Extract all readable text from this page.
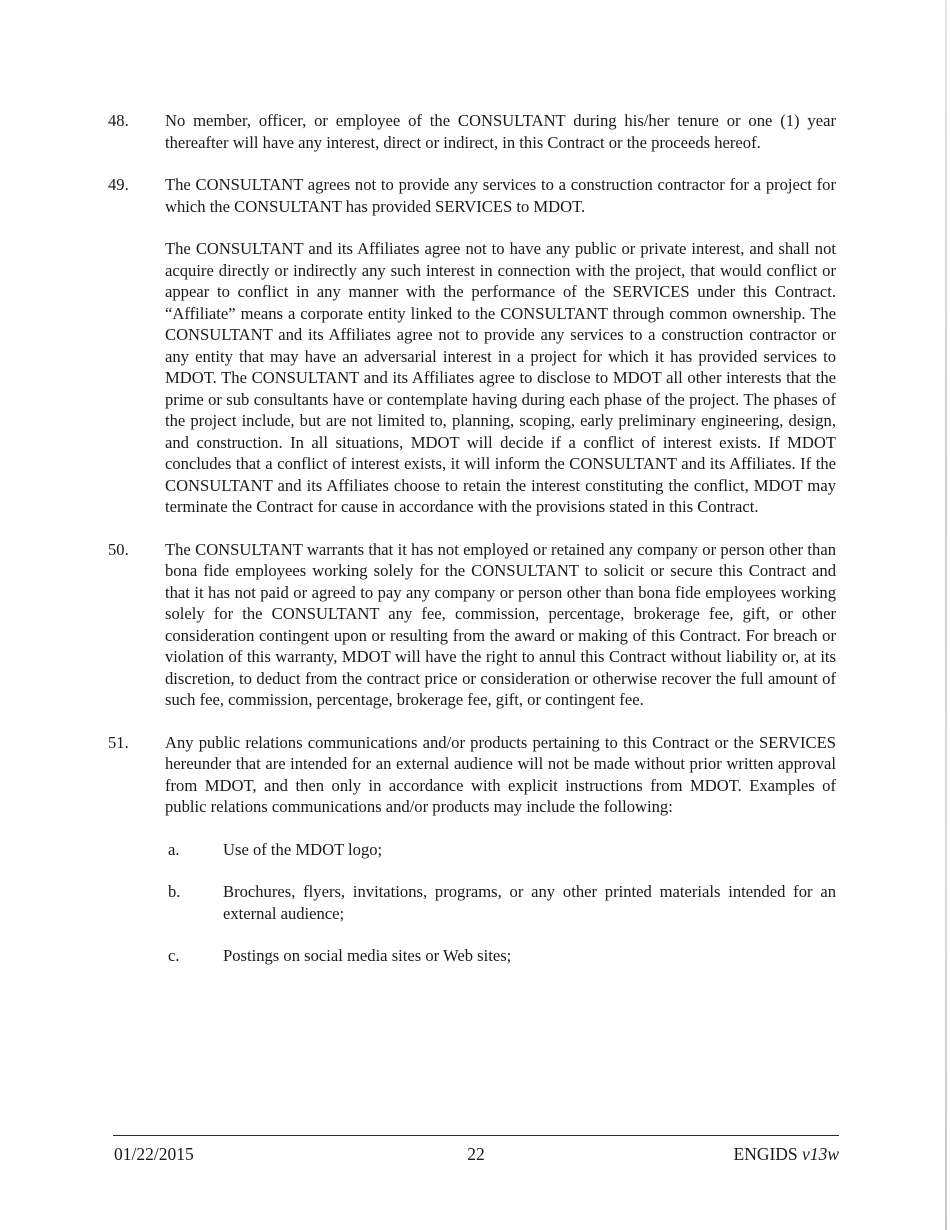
48. No member, officer, or employee of the CONSULTANT during his/her tenure or one (1) year thereafter will have any interest, direct or indirect, in this Contract or the proceeds hereof.
49. The CONSULTANT agrees not to provide any services to a construction contractor for a project for which the CONSULTANT has provided SERVICES to MDOT.
The CONSULTANT and its Affiliates agree not to have any public or private interest, and shall not acquire directly or indirectly any such interest in connection with the project, that would conflict or appear to conflict in any manner with the performance of the SERVICES under this Contract. “Affiliate” means a corporate entity linked to the CONSULTANT through common ownership. The CONSULTANT and its Affiliates agree not to provide any services to a construction contractor or any entity that may have an adversarial interest in a project for which it has provided services to MDOT. The CONSULTANT and its Affiliates agree to disclose to MDOT all other interests that the prime or sub consultants have or contemplate having during each phase of the project. The phases of the project include, but are not limited to, planning, scoping, early preliminary engineering, design, and construction. In all situations, MDOT will decide if a conflict of interest exists. If MDOT concludes that a conflict of interest exists, it will inform the CONSULTANT and its Affiliates. If the CONSULTANT and its Affiliates choose to retain the interest constituting the conflict, MDOT may terminate the Contract for cause in accordance with the provisions stated in this Contract.
50. The CONSULTANT warrants that it has not employed or retained any company or person other than bona fide employees working solely for the CONSULTANT to solicit or secure this Contract and that it has not paid or agreed to pay any company or person other than bona fide employees working solely for the CONSULTANT any fee, commission, percentage, brokerage fee, gift, or other consideration contingent upon or resulting from the award or making of this Contract. For breach or violation of this warranty, MDOT will have the right to annul this Contract without liability or, at its discretion, to deduct from the contract price or consideration or otherwise recover the full amount of such fee, commission, percentage, brokerage fee, gift, or contingent fee.
51. Any public relations communications and/or products pertaining to this Contract or the SERVICES hereunder that are intended for an external audience will not be made without prior written approval from MDOT, and then only in accordance with explicit instructions from MDOT. Examples of public relations communications and/or products may include the following:
a.	Use of the MDOT logo;
b.	Brochures, flyers, invitations, programs, or any other printed materials intended for an external audience;
c.	Postings on social media sites or Web sites;
01/22/2015	22	ENGIDS v13w
